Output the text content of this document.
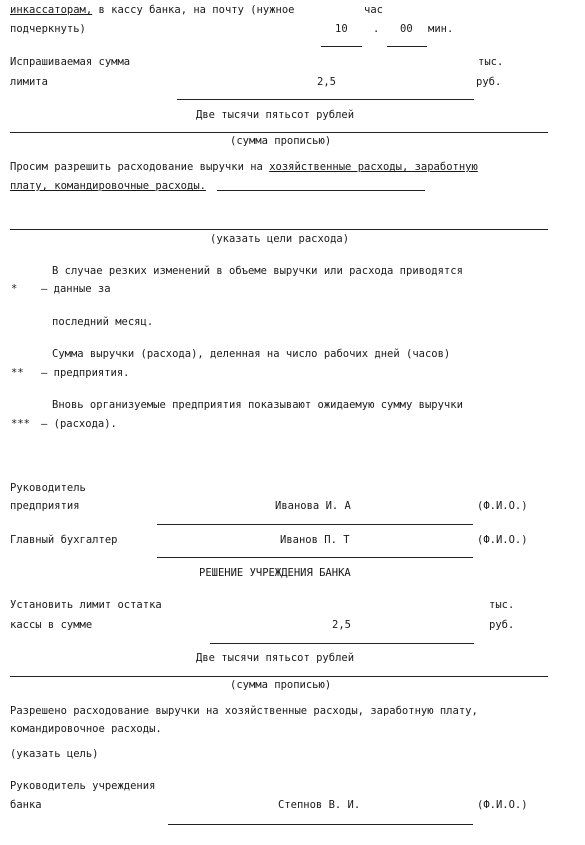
инкассаторам, в кассу банка, на почту (нужное	час
подчеркнуть)	10 . 00 мин.
Испрашиваемая сумма	тыс.
лимита	2,5	руб.
Две тысячи пятьсот рублей
(сумма прописью)
Просим разрешить расходование выручки на хозяйственные расходы, заработную
плату, командировочные расходы.
(указать цели расхода)
В случае резких изменений в объеме выручки или расхода приводятся
* – данные за
последний месяц.
Сумма выручки (расхода), деленная на число рабочих дней (часов)
** – предприятия.
Вновь организуемые предприятия показывают ожидаемую сумму выручки
*** – (расхода).
Руководитель
предприятия	Иванова И. А	(Ф.И.О.)
Главный бухгалтер	Иванов П. Т	(Ф.И.О.)
РЕШЕНИЕ УЧРЕЖДЕНИЯ БАНКА
Установить лимит остатка	тыс.
кассы в сумме	2,5	руб.
Две тысячи пятьсот рублей
(сумма прописью)
Разрешено расходование выручки на хозяйственные расходы, заработную плату,
командировочное расходы.
(указать цель)
Руководитель учреждения
банка	Степнов В. И.	(Ф.И.О.)
